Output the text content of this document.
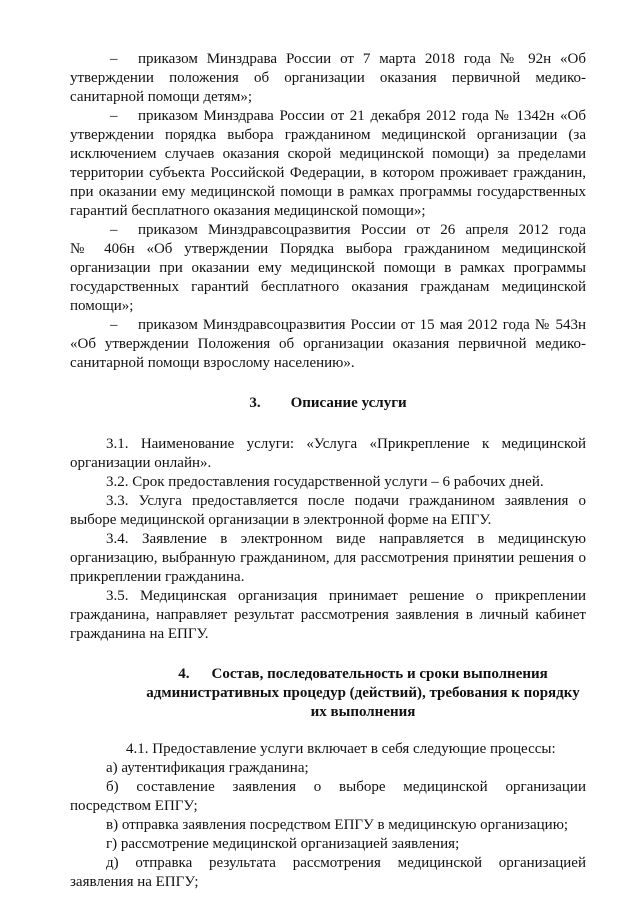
– приказом Минздрава России от 7 марта 2018 года № 92н «Об

утверждении положения об организации оказания первичной медико-

санитарной помощи детям»;

– приказом Минздрава России от 21 декабря 2012 года № 1342н «Об

утверждении порядка выбора гражданином медицинской организации (за

исключением случаев оказания скорой медицинской помощи) за пределами

территории субъекта Российской Федерации, в котором проживает гражданин,

при оказании ему медицинской помощи в рамках программы государственных

гарантий бесплатного оказания медицинской помощи»;

– приказом Минздравсоцразвития России от 26 апреля 2012 года

№ 406н «Об утверждении Порядка выбора гражданином медицинской

организации при оказании ему медицинской помощи в рамках программы

государственных гарантий бесплатного оказания гражданам медицинской

помощи»;

– приказом Минздравсоцразвития России от 15 мая 2012 года № 543н

«Об утверждении Положения об организации оказания первичной медико-

санитарной помощи взрослому населению».

3. Описание услуги

3.1. Наименование услуги: «Услуга «Прикрепление к медицинской

организации онлайн».

3.2. Срок предоставления государственной услуги – 6 рабочих дней.

3.3. Услуга предоставляется после подачи гражданином заявления о

выборе медицинской организации в электронной форме на ЕПГУ.

3.4. Заявление в электронном виде направляется в медицинскую

организацию, выбранную гражданином, для рассмотрения принятии решения о

прикреплении гражданина.

3.5. Медицинская организация принимает решение о прикреплении

гражданина, направляет результат рассмотрения заявления в личный кабинет

гражданина на ЕПГУ.

4. Состав, последовательность и сроки выполнения

административных процедур (действий), требования к порядку

их выполнения

4.1. Предоставление услуги включает в себя следующие процессы:

а) аутентификация гражданина;

б) составление заявления о выборе медицинской организации

посредством ЕПГУ;

в) отправка заявления посредством ЕПГУ в медицинскую организацию;

г) рассмотрение медицинской организацией заявления;

д) отправка результата рассмотрения медицинской организацией

заявления на ЕПГУ;
